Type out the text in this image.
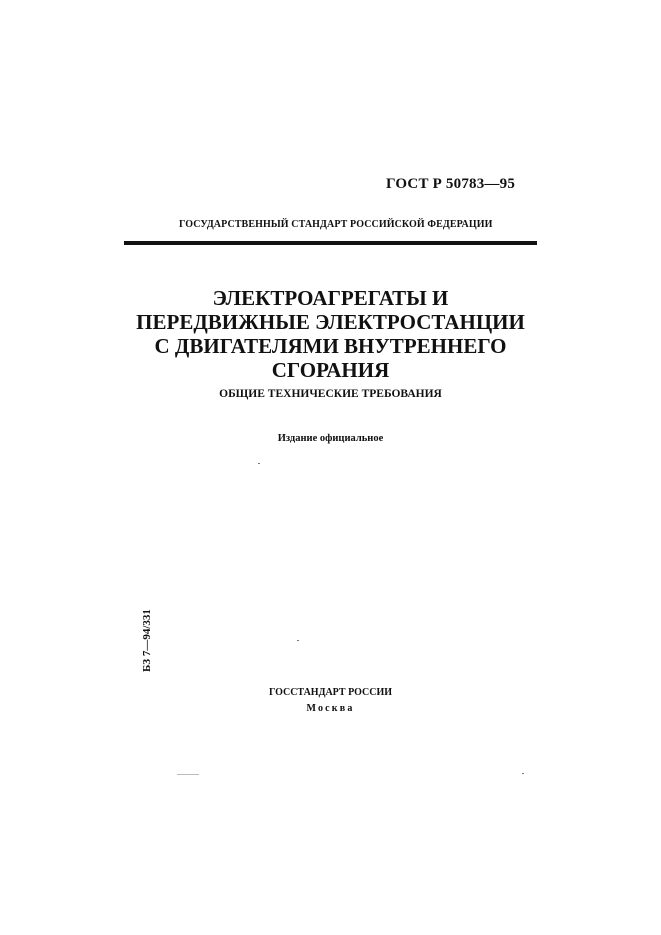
ГОСТ Р 50783—95
ГОСУДАРСТВЕННЫЙ СТАНДАРТ РОССИЙСКОЙ ФЕДЕРАЦИИ
ЭЛЕКТРОАГРЕГАТЫ И
ПЕРЕДВИЖНЫЕ ЭЛЕКТРОСТАНЦИИ
С ДВИГАТЕЛЯМИ ВНУТРЕННЕГО
СГОРАНИЯ
ОБЩИЕ ТЕХНИЧЕСКИЕ ТРЕБОВАНИЯ
Издание официальное
БЗ 7—94/331
ГОССТАНДАРТ РОССИИ
Москва
